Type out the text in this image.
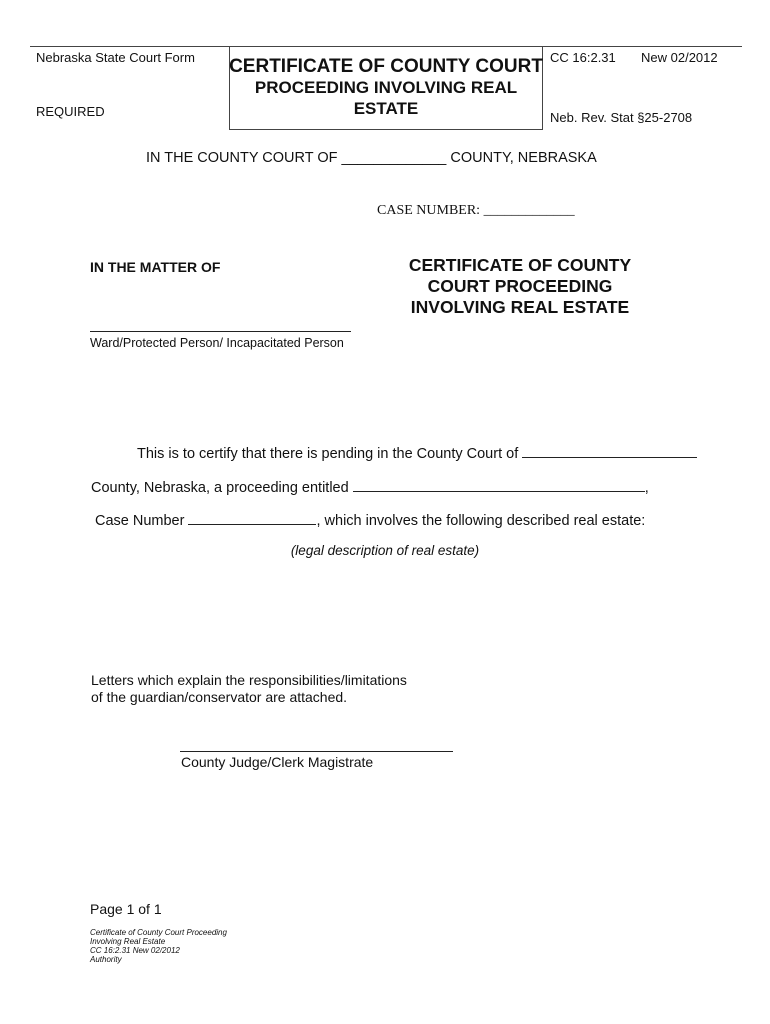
Nebraska State Court Form
REQUIRED
CERTIFICATE OF COUNTY COURT
PROCEEDING INVOLVING REAL
ESTATE
CC 16:2.31 New 02/2012
Neb. Rev. Stat §25-2708
IN THE COUNTY COURT OF _____________ COUNTY, NEBRASKA
CASE NUMBER: _____________
IN THE MATTER OF
Ward/Protected Person/ Incapacitated Person
CERTIFICATE OF COUNTY
COURT PROCEEDING
INVOLVING REAL ESTATE
This is to certify that there is pending in the County Court of
County, Nebraska, a proceeding entitled	,
Case Number	, which involves the following described real estate:
(legal description of real estate)
Letters which explain the responsibilities/limitations
of the guardian/conservator are attached.
County Judge/Clerk Magistrate
Page 1 of 1
Certificate of County Court Proceeding
Involving Real Estate
CC 16:2.31 New 02/2012
Authority
